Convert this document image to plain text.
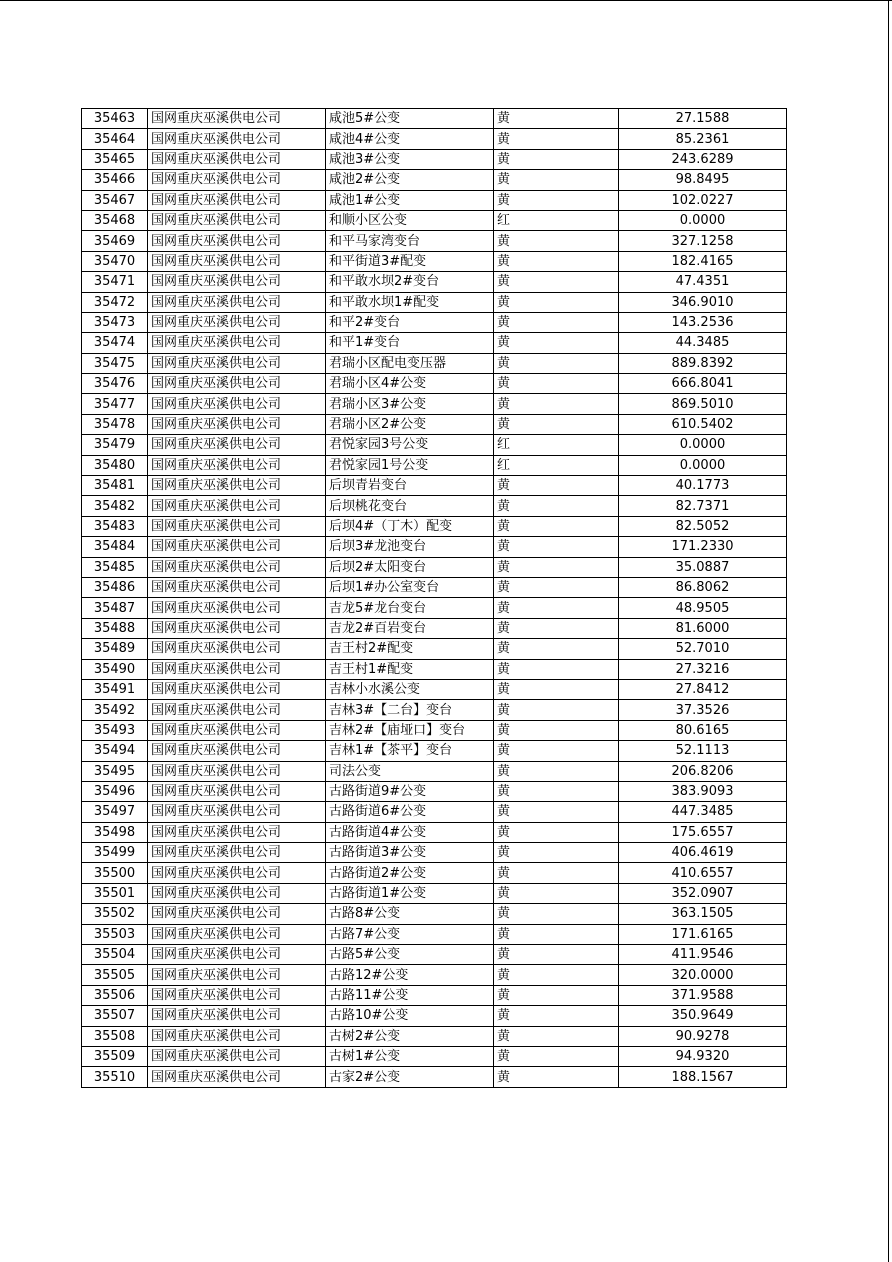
35463	国网重庆巫溪供电公司	咸池5#公变	黄	27.1588
35464	国网重庆巫溪供电公司	咸池4#公变	黄	85.2361
35465	国网重庆巫溪供电公司	咸池3#公变	黄	243.6289
35466	国网重庆巫溪供电公司	咸池2#公变	黄	98.8495
35467	国网重庆巫溪供电公司	咸池1#公变	黄	102.0227
35468	国网重庆巫溪供电公司	和顺小区公变	红	0.0000
35469	国网重庆巫溪供电公司	和平马家湾变台	黄	327.1258
35470	国网重庆巫溪供电公司	和平街道3#配变	黄	182.4165
35471	国网重庆巫溪供电公司	和平敢水坝2#变台	黄	47.4351
35472	国网重庆巫溪供电公司	和平敢水坝1#配变	黄	346.9010
35473	国网重庆巫溪供电公司	和平2#变台	黄	143.2536
35474	国网重庆巫溪供电公司	和平1#变台	黄	44.3485
35475	国网重庆巫溪供电公司	君瑞小区配电变压器	黄	889.8392
35476	国网重庆巫溪供电公司	君瑞小区4#公变	黄	666.8041
35477	国网重庆巫溪供电公司	君瑞小区3#公变	黄	869.5010
35478	国网重庆巫溪供电公司	君瑞小区2#公变	黄	610.5402
35479	国网重庆巫溪供电公司	君悦家园3号公变	红	0.0000
35480	国网重庆巫溪供电公司	君悦家园1号公变	红	0.0000
35481	国网重庆巫溪供电公司	后坝青岩变台	黄	40.1773
35482	国网重庆巫溪供电公司	后坝桃花变台	黄	82.7371
35483	国网重庆巫溪供电公司	后坝4#（丁木）配变	黄	82.5052
35484	国网重庆巫溪供电公司	后坝3#龙池变台	黄	171.2330
35485	国网重庆巫溪供电公司	后坝2#太阳变台	黄	35.0887
35486	国网重庆巫溪供电公司	后坝1#办公室变台	黄	86.8062
35487	国网重庆巫溪供电公司	吉龙5#龙台变台	黄	48.9505
35488	国网重庆巫溪供电公司	吉龙2#百岩变台	黄	81.6000
35489	国网重庆巫溪供电公司	吉王村2#配变	黄	52.7010
35490	国网重庆巫溪供电公司	吉王村1#配变	黄	27.3216
35491	国网重庆巫溪供电公司	吉林小水溪公变	黄	27.8412
35492	国网重庆巫溪供电公司	吉林3#【二台】变台	黄	37.3526
35493	国网重庆巫溪供电公司	吉林2#【庙垭口】变台	黄	80.6165
35494	国网重庆巫溪供电公司	吉林1#【茶平】变台	黄	52.1113
35495	国网重庆巫溪供电公司	司法公变	黄	206.8206
35496	国网重庆巫溪供电公司	古路街道9#公变	黄	383.9093
35497	国网重庆巫溪供电公司	古路街道6#公变	黄	447.3485
35498	国网重庆巫溪供电公司	古路街道4#公变	黄	175.6557
35499	国网重庆巫溪供电公司	古路街道3#公变	黄	406.4619
35500	国网重庆巫溪供电公司	古路街道2#公变	黄	410.6557
35501	国网重庆巫溪供电公司	古路街道1#公变	黄	352.0907
35502	国网重庆巫溪供电公司	古路8#公变	黄	363.1505
35503	国网重庆巫溪供电公司	古路7#公变	黄	171.6165
35504	国网重庆巫溪供电公司	古路5#公变	黄	411.9546
35505	国网重庆巫溪供电公司	古路12#公变	黄	320.0000
35506	国网重庆巫溪供电公司	古路11#公变	黄	371.9588
35507	国网重庆巫溪供电公司	古路10#公变	黄	350.9649
35508	国网重庆巫溪供电公司	古树2#公变	黄	90.9278
35509	国网重庆巫溪供电公司	古树1#公变	黄	94.9320
35510	国网重庆巫溪供电公司	古家2#公变	黄	188.1567
